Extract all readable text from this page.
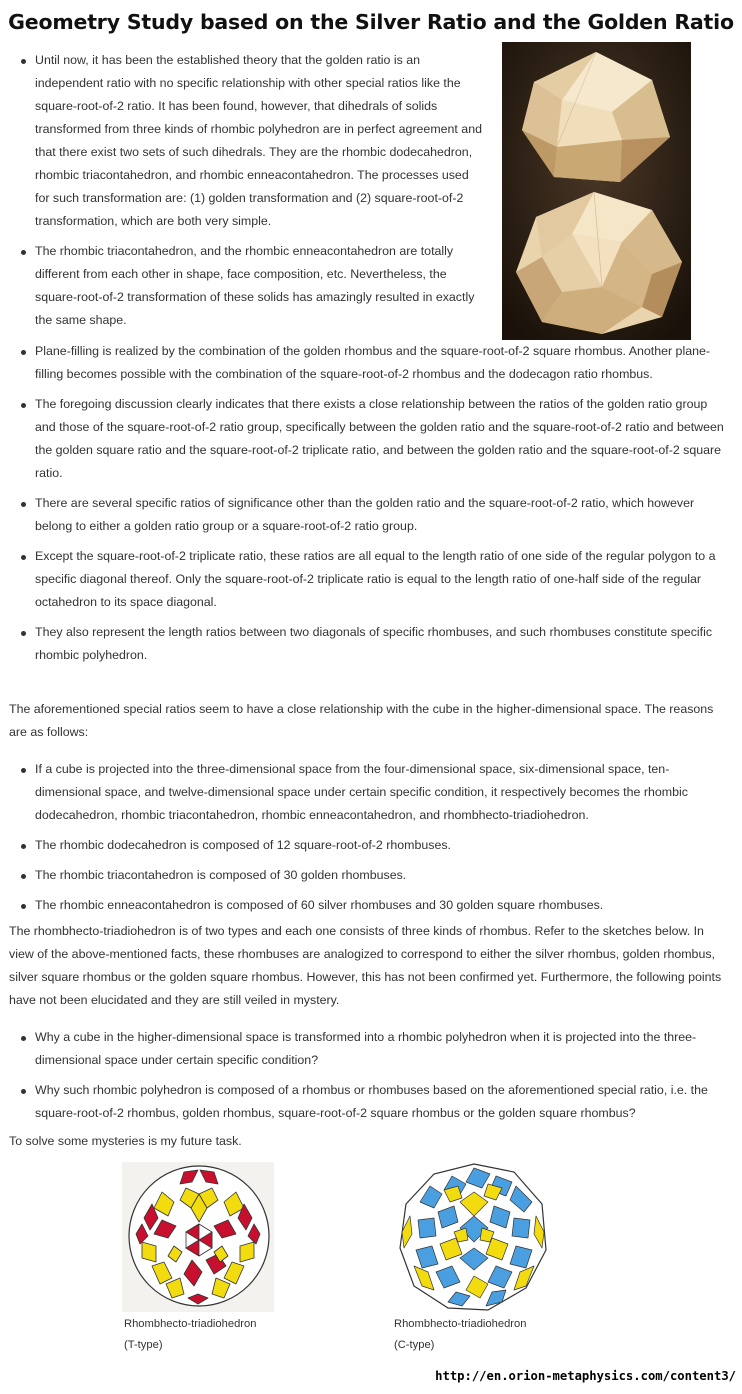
Geometry Study based on the Silver Ratio and the Golden Ratio
Until now, it has been the established theory that the golden ratio is an independent ratio with no specific relationship with other special ratios like the square-root-of-2 ratio. It has been found, however, that dihedrals of solids transformed from three kinds of rhombic polyhedron are in perfect agreement and that there exist two sets of such dihedrals. They are the rhombic dodecahedron, rhombic triacontahedron, and rhombic enneacontahedron. The processes used for such transformation are: (1) golden transformation and (2) square-root-of-2 transformation, which are both very simple.
The rhombic triacontahedron, and the rhombic enneacontahedron are totally different from each other in shape, face composition, etc. Nevertheless, the square-root-of-2 transformation of these solids has amazingly resulted in exactly the same shape.
Plane-filling is realized by the combination of the golden rhombus and the square-root-of-2 square rhombus. Another plane-filling becomes possible with the combination of the square-root-of-2 rhombus and the dodecagon ratio rhombus.
The foregoing discussion clearly indicates that there exists a close relationship between the ratios of the golden ratio group and those of the square-root-of-2 ratio group, specifically between the golden ratio and the square-root-of-2 ratio and between the golden square ratio and the square-root-of-2 triplicate ratio, and between the golden ratio and the square-root-of-2 square ratio.
There are several specific ratios of significance other than the golden ratio and the square-root-of-2 ratio, which however belong to either a golden ratio group or a square-root-of-2 ratio group.
Except the square-root-of-2 triplicate ratio, these ratios are all equal to the length ratio of one side of the regular polygon to a specific diagonal thereof. Only the square-root-of-2 triplicate ratio is equal to the length ratio of one-half side of the regular octahedron to its space diagonal.
They also represent the length ratios between two diagonals of specific rhombuses, and such rhombuses constitute specific rhombic polyhedron.

The aforementioned special ratios seem to have a close relationship with the cube in the higher-dimensional space. The reasons are as follows:

If a cube is projected into the three-dimensional space from the four-dimensional space, six-dimensional space, ten-dimensional space, and twelve-dimensional space under certain specific condition, it respectively becomes the rhombic dodecahedron, rhombic triacontahedron, rhombic enneacontahedron, and rhombhecto-triadiohedron.
The rhombic dodecahedron is composed of 12 square-root-of-2 rhombuses.
The rhombic triacontahedron is composed of 30 golden rhombuses.
The rhombic enneacontahedron is composed of 60 silver rhombuses and 30 golden square rhombuses.

The rhombhecto-triadiohedron is of two types and each one consists of three kinds of rhombus. Refer to the sketches below. In view of the above-mentioned facts, these rhombuses are analogized to correspond to either the silver rhombus, golden rhombus, silver square rhombus or the golden square rhombus. However, this has not been confirmed yet. Furthermore, the following points have not been elucidated and they are still veiled in mystery.

Why a cube in the higher-dimensional space is transformed into a rhombic polyhedron when it is projected into the three-dimensional space under certain specific condition?
Why such rhombic polyhedron is composed of a rhombus or rhombuses based on the aforementioned special ratio, i.e. the square-root-of-2 rhombus, golden rhombus, square-root-of-2 square rhombus or the golden square rhombus?

To solve some mysteries is my future task.

Rhombhecto-triadiohedron
(T-type)
Rhombhecto-triadiohedron
(C-type)
http://en.orion-metaphysics.com/content3/
